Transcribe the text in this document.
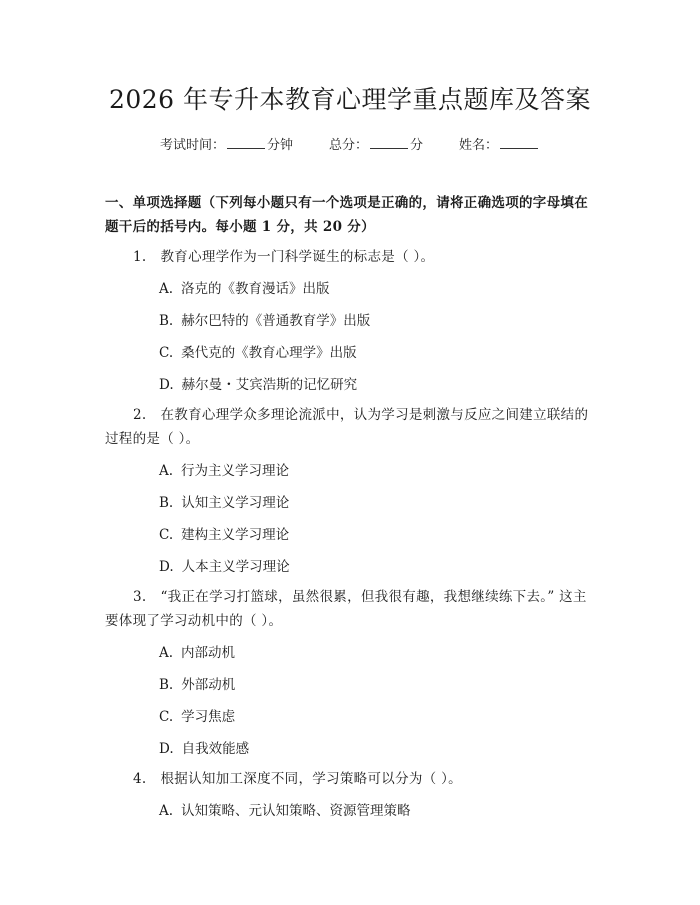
2026 年专升本教育心理学重点题库及答案
考试时间：	分钟	总分：	分	姓名：
一、单项选择题（下列每小题只有一个选项是正确的，请将正确选项的字母填在题干后的括号内。每小题 1 分，共 20 分）
1. 教育心理学作为一门科学诞生的标志是（ ）。
A. 洛克的《教育漫话》出版
B. 赫尔巴特的《普通教育学》出版
C. 桑代克的《教育心理学》出版
D. 赫尔曼・艾宾浩斯的记忆研究
2. 在教育心理学众多理论流派中，认为学习是刺激与反应之间建立联结的过程的是（ ）。
A. 行为主义学习理论
B. 认知主义学习理论
C. 建构主义学习理论
D. 人本主义学习理论
3. “我正在学习打篮球，虽然很累，但我很有趣，我想继续练下去。” 这主要体现了学习动机中的（ ）。
A. 内部动机
B. 外部动机
C. 学习焦虑
D. 自我效能感
4. 根据认知加工深度不同，学习策略可以分为（ ）。
A. 认知策略、元认知策略、资源管理策略
